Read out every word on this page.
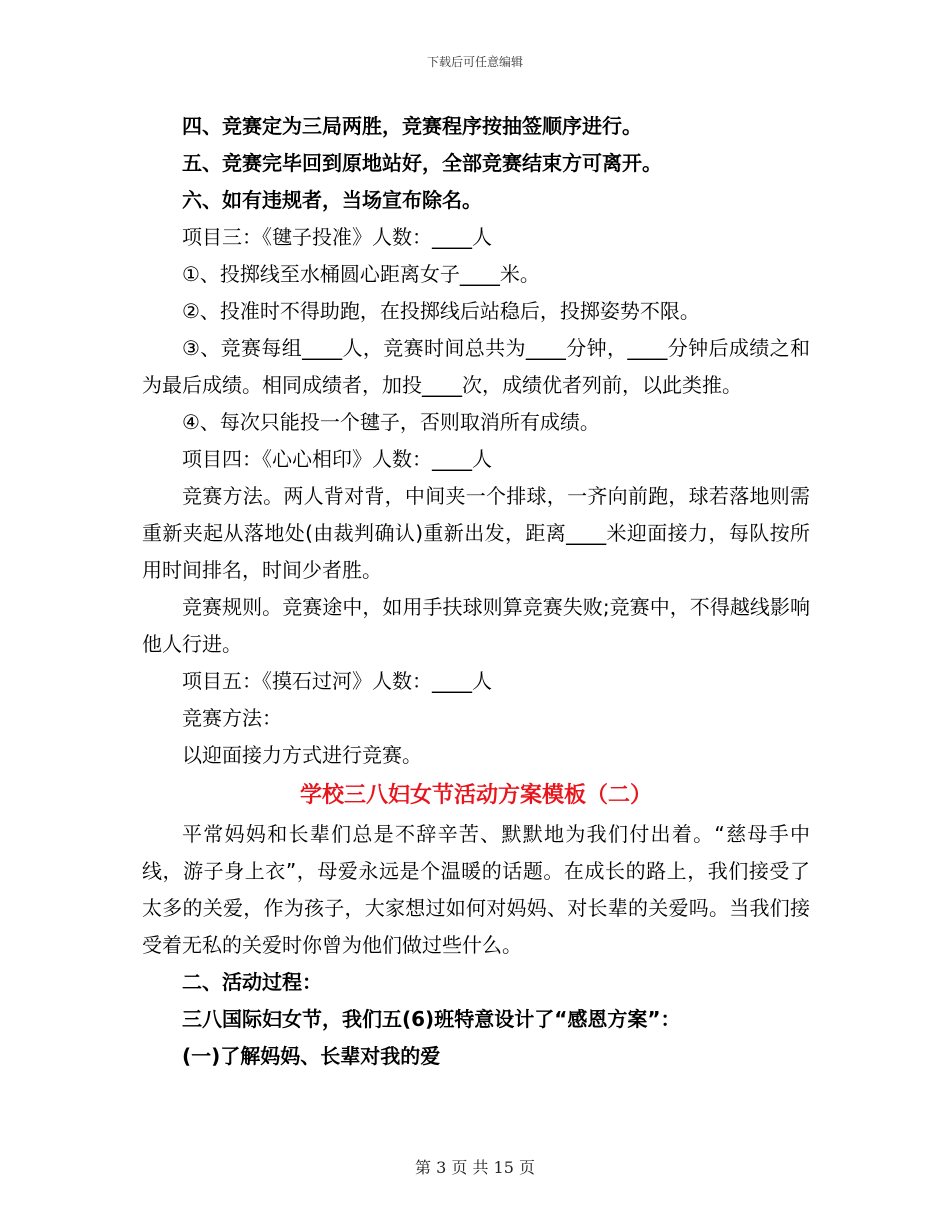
下载后可任意编辑

四、竞赛定为三局两胜，竞赛程序按抽签顺序进行。

五、竞赛完毕回到原地站好，全部竞赛结束方可离开。

六、如有违规者，当场宣布除名。

项目三：《毽子投准》人数：____人

①、投掷线至水桶圆心距离女子____米。

②、投准时不得助跑，在投掷线后站稳后，投掷姿势不限。

③、竞赛每组____人，竞赛时间总共为____分钟，____分钟后成绩之和为最后成绩。相同成绩者，加投____次，成绩优者列前，以此类推。

④、每次只能投一个毽子，否则取消所有成绩。

项目四：《心心相印》人数：____人

竞赛方法。两人背对背，中间夹一个排球，一齐向前跑，球若落地则需重新夹起从落地处(由裁判确认)重新出发，距离____米迎面接力，每队按所用时间排名，时间少者胜。

竞赛规则。竞赛途中，如用手扶球则算竞赛失败;竞赛中，不得越线影响他人行进。

项目五：《摸石过河》人数：____人

竞赛方法：

以迎面接力方式进行竞赛。

学校三八妇女节活动方案模板（二）

平常妈妈和长辈们总是不辞辛苦、默默地为我们付出着。“慈母手中线，游子身上衣”，母爱永远是个温暖的话题。在成长的路上，我们接受了太多的关爱，作为孩子，大家想过如何对妈妈、对长辈的关爱吗。当我们接受着无私的关爱时你曾为他们做过些什么。

二、活动过程：

三八国际妇女节，我们五(6)班特意设计了“感恩方案”：

(一)了解妈妈、长辈对我的爱

第 3 页 共 15 页
